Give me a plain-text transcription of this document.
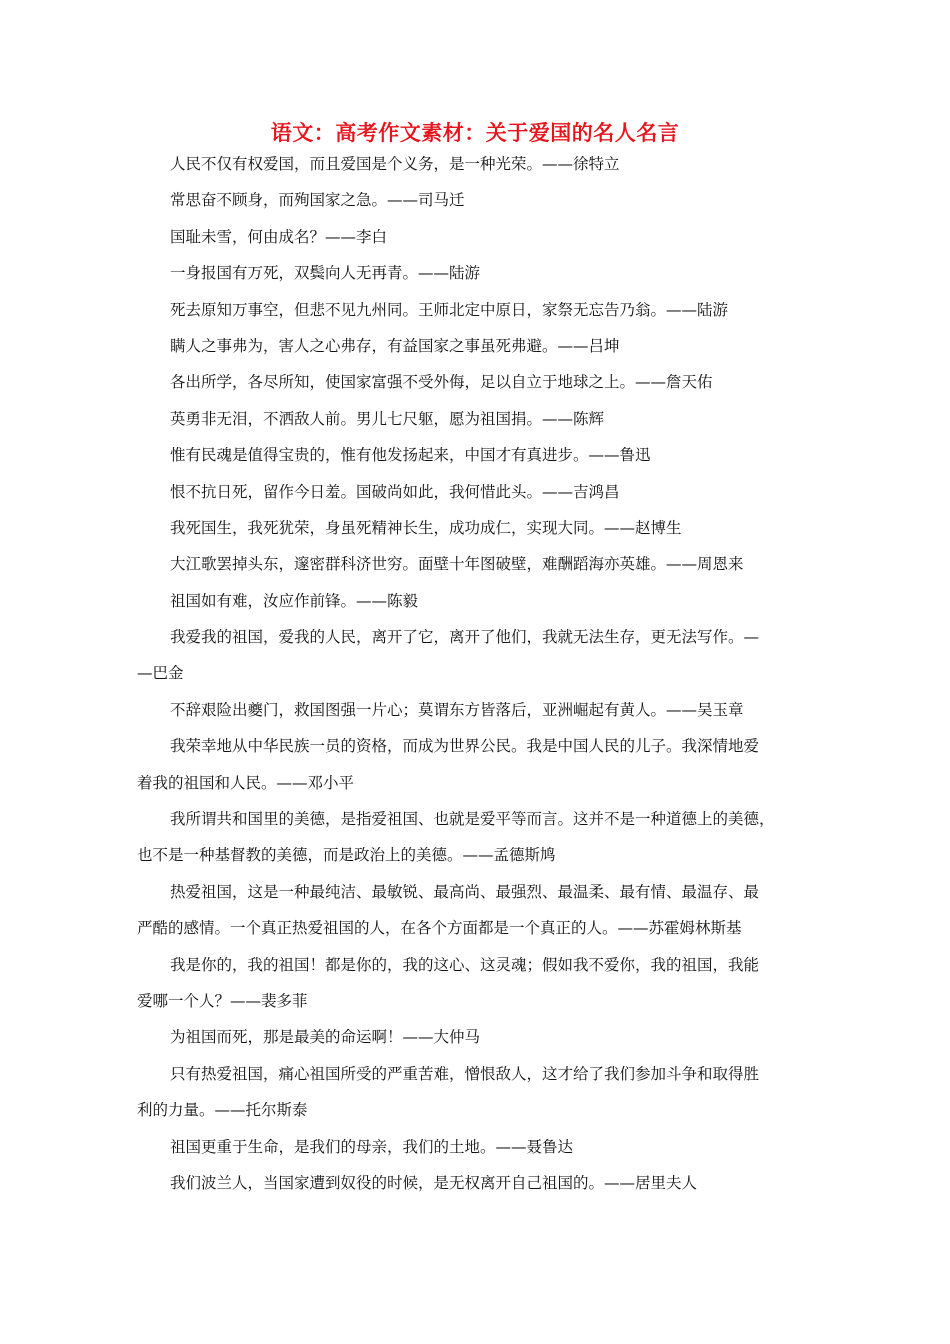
语文：高考作文素材：关于爱国的名人名言
人民不仅有权爱国，而且爱国是个义务，是一种光荣。——徐特立
常思奋不顾身，而殉国家之急。——司马迁
国耻未雪，何由成名？——李白
一身报国有万死，双鬓向人无再青。——陆游
死去原知万事空，但悲不见九州同。王师北定中原日，家祭无忘告乃翁。——陆游
瞒人之事弗为，害人之心弗存，有益国家之事虽死弗避。——吕坤
各出所学，各尽所知，使国家富强不受外侮，足以自立于地球之上。——詹天佑
英勇非无泪，不洒敌人前。男儿七尺躯，愿为祖国捐。——陈辉
惟有民魂是值得宝贵的，惟有他发扬起来，中国才有真进步。——鲁迅
恨不抗日死，留作今日羞。国破尚如此，我何惜此头。——吉鸿昌
我死国生，我死犹荣，身虽死精神长生，成功成仁，实现大同。——赵博生
大江歌罢掉头东，邃密群科济世穷。面壁十年图破壁，难酬蹈海亦英雄。——周恩来
祖国如有难，汝应作前锋。——陈毅
我爱我的祖国，爱我的人民，离开了它，离开了他们，我就无法生存，更无法写作。—
—巴金
不辞艰险出夔门，救国图强一片心；莫谓东方皆落后，亚洲崛起有黄人。——吴玉章
我荣幸地从中华民族一员的资格，而成为世界公民。我是中国人民的儿子。我深情地爱
着我的祖国和人民。——邓小平
我所谓共和国里的美德，是指爱祖国、也就是爱平等而言。这并不是一种道德上的美德，
也不是一种基督教的美德，而是政治上的美德。——孟德斯鸠
热爱祖国，这是一种最纯洁、最敏锐、最高尚、最强烈、最温柔、最有情、最温存、最
严酷的感情。一个真正热爱祖国的人，在各个方面都是一个真正的人。——苏霍姆林斯基
我是你的，我的祖国！都是你的，我的这心、这灵魂；假如我不爱你，我的祖国，我能
爱哪一个人？——裴多菲
为祖国而死，那是最美的命运啊！——大仲马
只有热爱祖国，痛心祖国所受的严重苦难，憎恨敌人，这才给了我们参加斗争和取得胜
利的力量。——托尔斯泰
祖国更重于生命，是我们的母亲，我们的土地。——聂鲁达
我们波兰人，当国家遭到奴役的时候，是无权离开自己祖国的。——居里夫人
